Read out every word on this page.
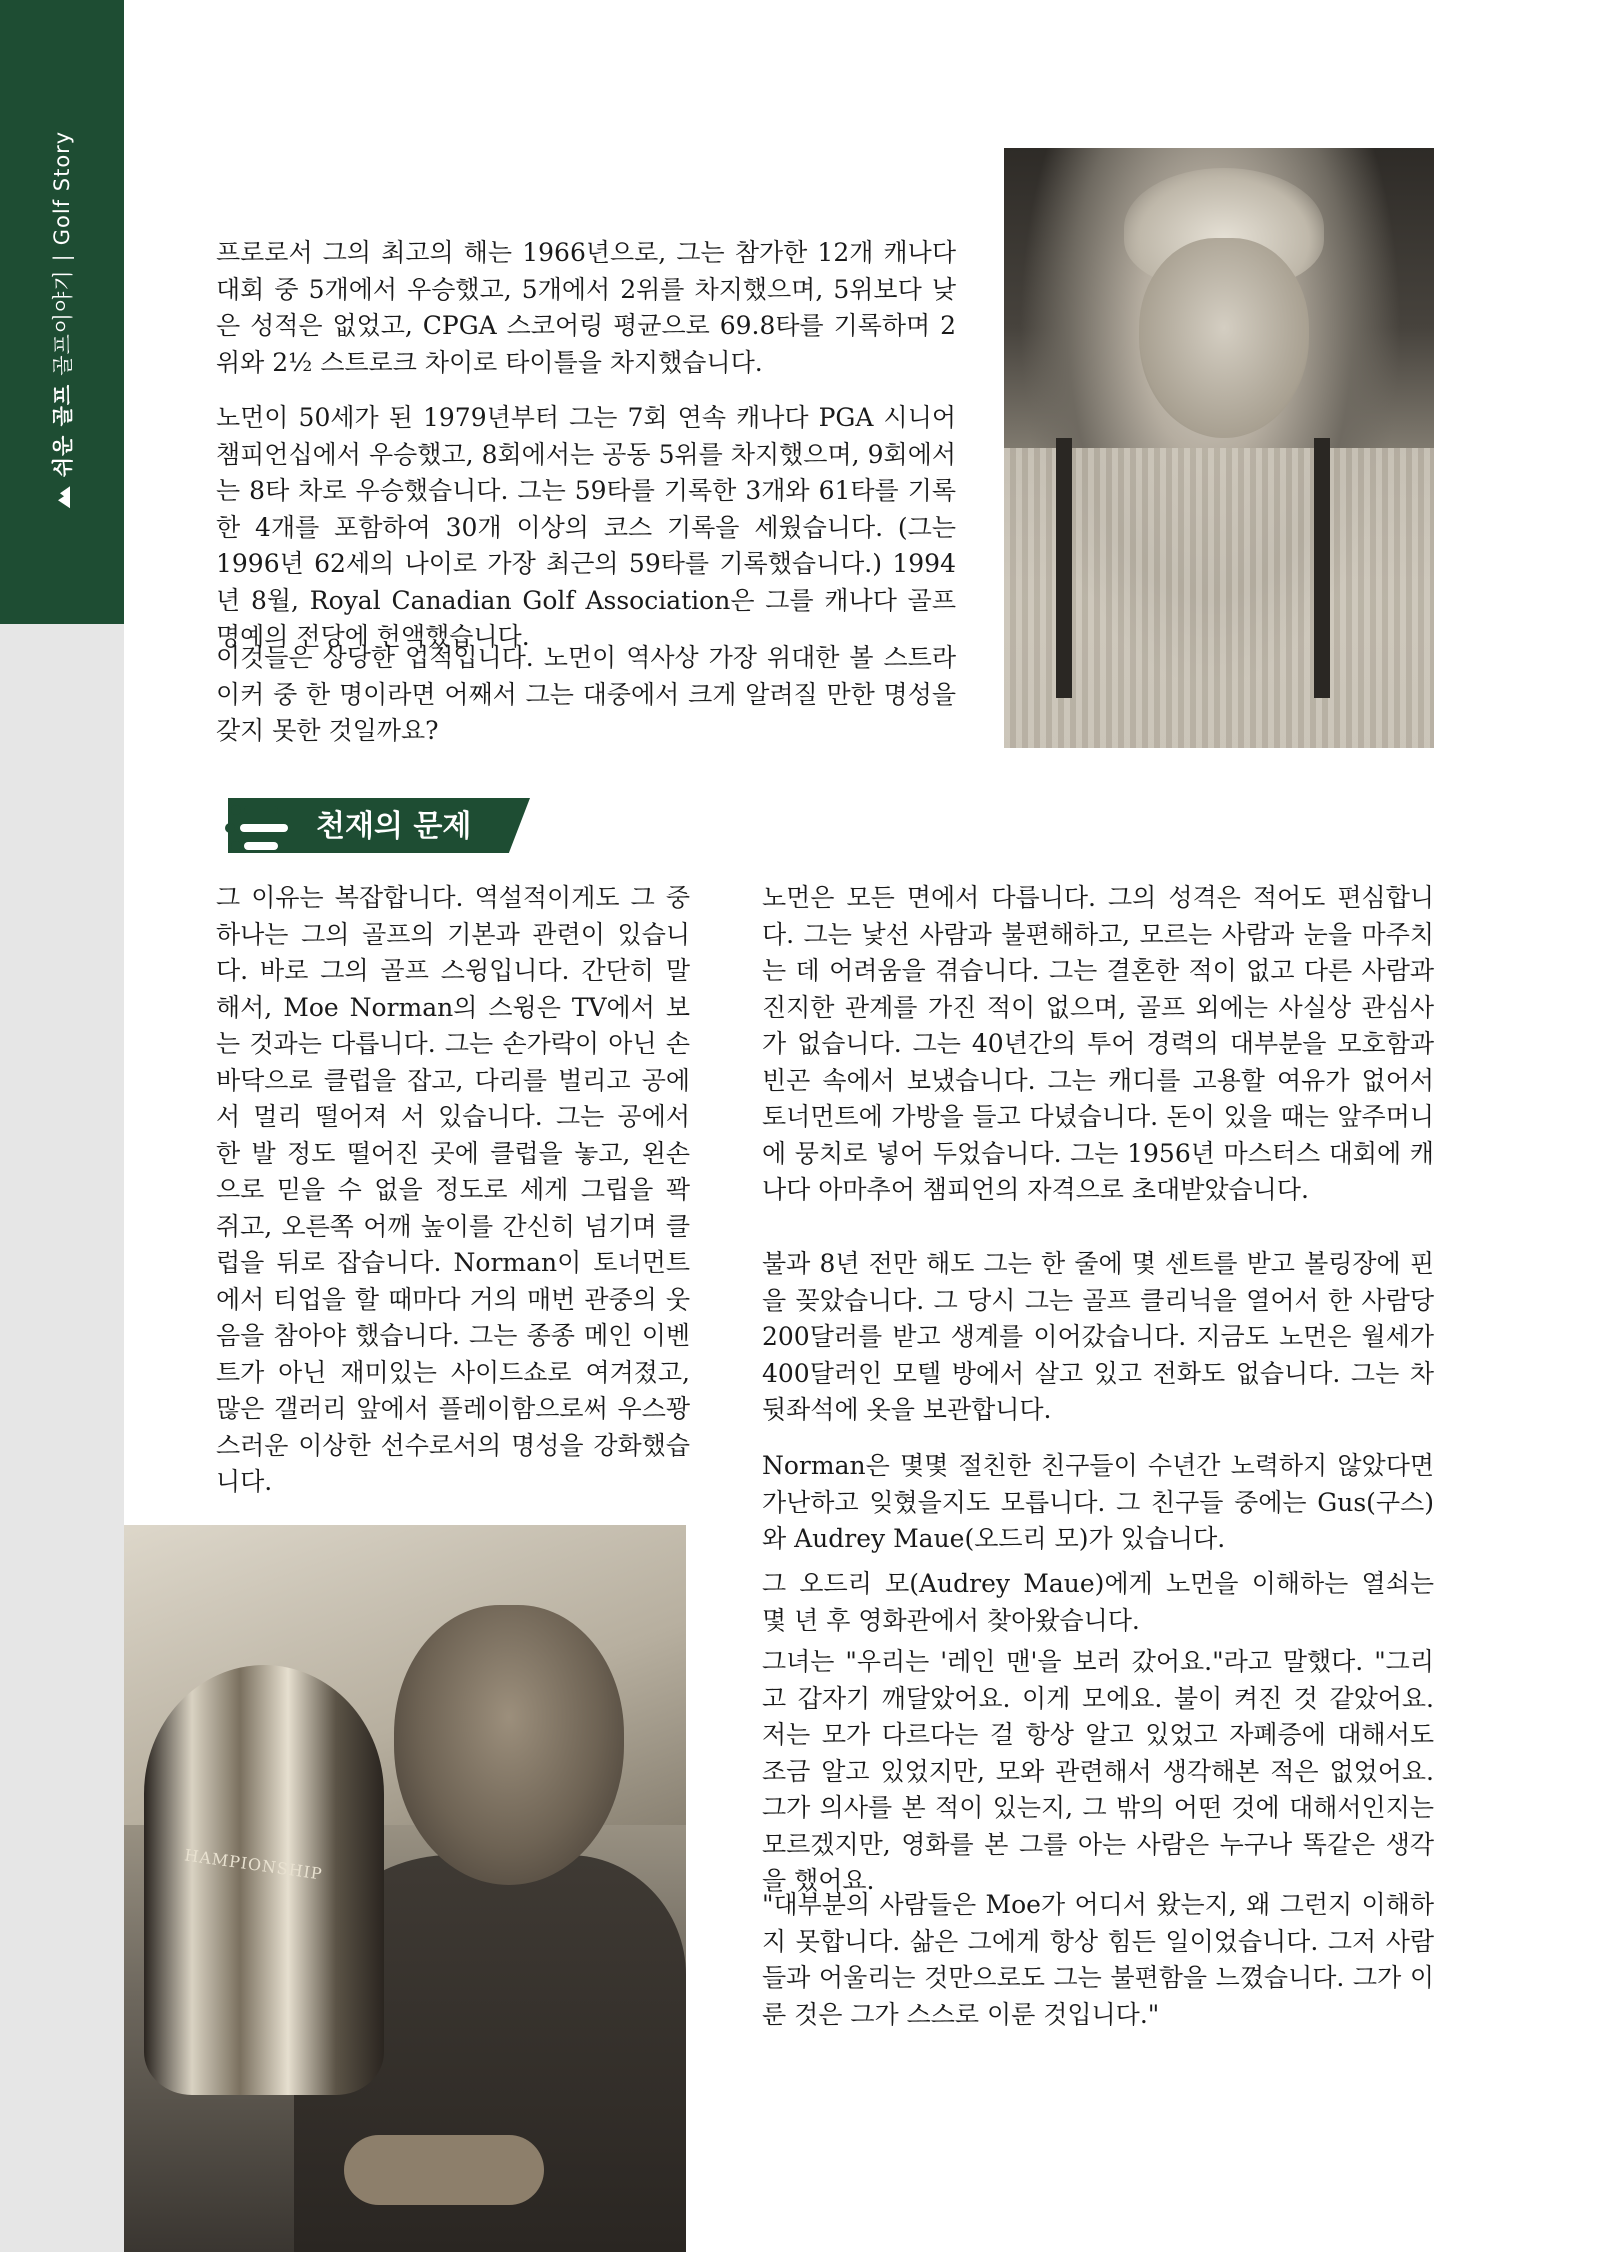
쉬운 골프
골프이야기
|
Golf Story

프로로서 그의 최고의 해는 1966년으로, 그는 참가한 12개 캐나다 대회 중 5개에서 우승했고, 5개에서 2위를 차지했으며, 5위보다 낮은 성적은 없었고, CPGA 스코어링 평균으로 69.8타를 기록하며 2위와 2½ 스트로크 차이로 타이틀을 차지했습니다.

노먼이 50세가 된 1979년부터 그는 7회 연속 캐나다 PGA 시니어 챔피언십에서 우승했고, 8회에서는 공동 5위를 차지했으며, 9회에서는 8타 차로 우승했습니다. 그는 59타를 기록한 3개와 61타를 기록한 4개를 포함하여 30개 이상의 코스 기록을 세웠습니다. (그는 1996년 62세의 나이로 가장 최근의 59타를 기록했습니다.) 1994년 8월, Royal Canadian Golf Association은 그를 캐나다 골프 명예의 전당에 헌액했습니다.

이것들은 상당한 업적입니다. 노먼이 역사상 가장 위대한 볼 스트라이커 중 한 명이라면 어째서 그는 대중에서 크게 알려질 만한 명성을 갖지 못한 것일까요?

천재의 문제

그 이유는 복잡합니다. 역설적이게도 그 중 하나는 그의 골프의 기본과 관련이 있습니다. 바로 그의 골프 스윙입니다. 간단히 말해서, Moe Norman의 스윙은 TV에서 보는 것과는 다릅니다. 그는 손가락이 아닌 손바닥으로 클럽을 잡고, 다리를 벌리고 공에서 멀리 떨어져 서 있습니다. 그는 공에서 한 발 정도 떨어진 곳에 클럽을 놓고, 왼손으로 믿을 수 없을 정도로 세게 그립을 꽉 쥐고, 오른쪽 어깨 높이를 간신히 넘기며 클럽을 뒤로 잡습니다. Norman이 토너먼트에서 티업을 할 때마다 거의 매번 관중의 웃음을 참아야 했습니다. 그는 종종 메인 이벤트가 아닌 재미있는 사이드쇼로 여겨졌고, 많은 갤러리 앞에서 플레이함으로써 우스꽝스러운 이상한 선수로서의 명성을 강화했습니다.

HAMPIONSHIP

노먼은 모든 면에서 다릅니다. 그의 성격은 적어도 편심합니다. 그는 낯선 사람과 불편해하고, 모르는 사람과 눈을 마주치는 데 어려움을 겪습니다. 그는 결혼한 적이 없고 다른 사람과 진지한 관계를 가진 적이 없으며, 골프 외에는 사실상 관심사가 없습니다. 그는 40년간의 투어 경력의 대부분을 모호함과 빈곤 속에서 보냈습니다. 그는 캐디를 고용할 여유가 없어서 토너먼트에 가방을 들고 다녔습니다. 돈이 있을 때는 앞주머니에 뭉치로 넣어 두었습니다. 그는 1956년 마스터스 대회에 캐나다 아마추어 챔피언의 자격으로 초대받았습니다.

불과 8년 전만 해도 그는 한 줄에 몇 센트를 받고 볼링장에 핀을 꽂았습니다. 그 당시 그는 골프 클리닉을 열어서 한 사람당 200달러를 받고 생계를 이어갔습니다. 지금도 노먼은 월세가 400달러인 모텔 방에서 살고 있고 전화도 없습니다. 그는 차 뒷좌석에 옷을 보관합니다.

Norman은 몇몇 절친한 친구들이 수년간 노력하지 않았다면 가난하고 잊혔을지도 모릅니다. 그 친구들 중에는 Gus(구스) 와 Audrey Maue(오드리 모)가 있습니다.

그 오드리 모(Audrey Maue)에게 노먼을 이해하는 열쇠는 몇 년 후 영화관에서 찾아왔습니다.

그녀는 "우리는 '레인 맨'을 보러 갔어요."라고 말했다. "그리고 갑자기 깨달았어요. 이게 모에요. 불이 켜진 것 같았어요. 저는 모가 다르다는 걸 항상 알고 있었고 자폐증에 대해서도 조금 알고 있었지만, 모와 관련해서 생각해본 적은 없었어요. 그가 의사를 본 적이 있는지, 그 밖의 어떤 것에 대해서인지는 모르겠지만, 영화를 본 그를 아는 사람은 누구나 똑같은 생각을 했어요.

"대부분의 사람들은 Moe가 어디서 왔는지, 왜 그런지 이해하지 못합니다. 삶은 그에게 항상 힘든 일이었습니다. 그저 사람들과 어울리는 것만으로도 그는 불편함을 느꼈습니다. 그가 이룬 것은 그가 스스로 이룬 것입니다."
